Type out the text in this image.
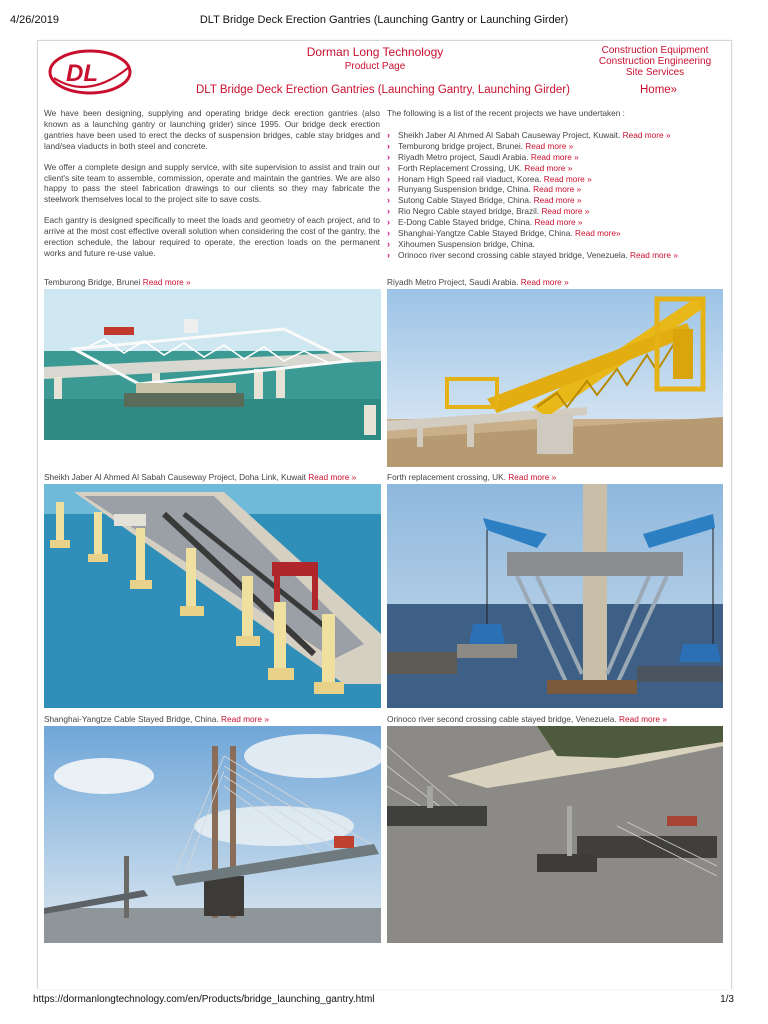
4/26/2019	DLT Bridge Deck Erection Gantries (Launching Gantry or Launching Girder)
DL
Dorman Long Technology
Product Page
Construction Equipment
Construction Engineering
Site Services
DLT Bridge Deck Erection Gantries (Launching Gantry, Launching Girder)	Home»

We have been designing, supplying and operating bridge deck erection gantries (also known as a launching gantry or launching grider) since 1995. Our bridge deck erection gantries have been used to erect the decks of suspension bridges, cable stay bridges and land/sea viaducts in both steel and concrete.

We offer a complete design and supply service, with site supervision to assist and train our client's site team to assemble, commission, operate and maintain the gantries. We are also happy to pass the steel fabrication drawings to our clients so they may fabricate the steelwork themselves local to the project site to save costs.

Each gantry is designed specifically to meet the loads and geometry of each project, and to arrive at the most cost effective overall solution when considering the cost of the gantry, the erection schedule, the labour required to operate, the erection loads on the permanent works and future re-use value.

The following is a list of the recent projects we have undertaken :

› Sheikh Jaber Al Ahmed Al Sabah Causeway Project, Kuwait. Read more »
› Temburong bridge project, Brunei. Read more »
› Riyadh Metro project, Saudi Arabia. Read more »
› Forth Replacement Crossing, UK. Read more »
› Honam High Speed rail viaduct, Korea. Read more »
› Runyang Suspension bridge, China. Read more »
› Sutong Cable Stayed Bridge, China. Read more »
› Rio Negro Cable stayed bridge, Brazil. Read more »
› E-Dong Cable Stayed bridge, China. Read more »
› Shanghai-Yangtze Cable Stayed Bridge, China. Read more»
› Xihoumen Suspension bridge, China.
› Orinoco river second crossing cable stayed bridge, Venezuela. Read more »
Temburong Bridge, Brunei Read more »	Riyadh Metro Project, Saudi Arabia. Read more »
Sheikh Jaber Al Ahmed Al Sabah Causeway Project, Doha Link, Kuwait Read more »	Forth replacement crossing, UK. Read more »
Shanghai-Yangtze Cable Stayed Bridge, China. Read more »	Orinoco river second crossing cable stayed bridge, Venezuela. Read more »
https://dormanlongtechnology.com/en/Products/bridge_launching_gantry.html	1/3
